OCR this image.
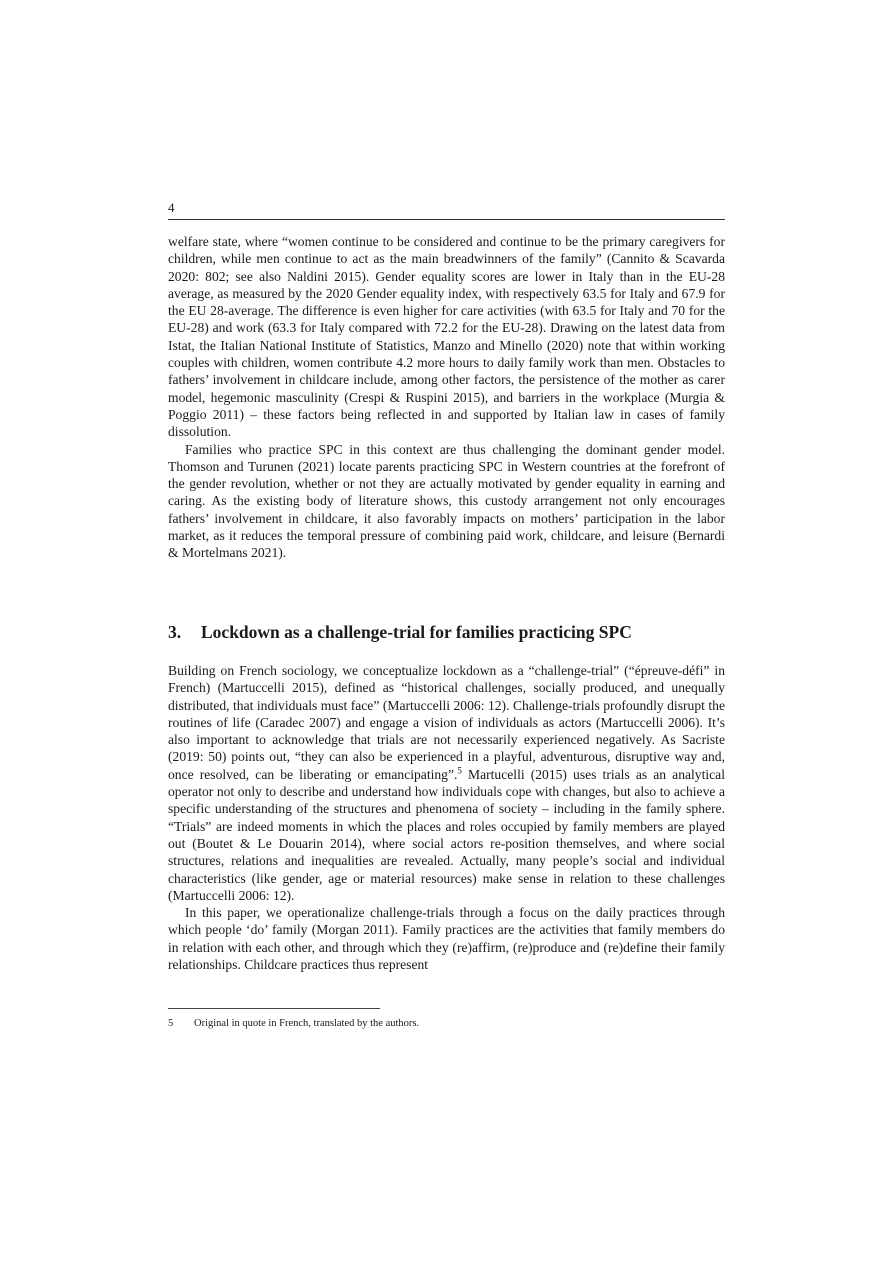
4

welfare state, where “women continue to be considered and continue to be the primary caregivers for children, while men continue to act as the main breadwinners of the family” (Cannito & Scavarda 2020: 802; see also Naldini 2015). Gender equality scores are lower in Italy than in the EU-28 average, as measured by the 2020 Gender equality index, with respectively 63.5 for Italy and 67.9 for the EU 28-average. The difference is even higher for care activities (with 63.5 for Italy and 70 for the EU-28) and work (63.3 for Italy compared with 72.2 for the EU-28). Drawing on the latest data from Istat, the Italian National Institute of Statistics, Manzo and Minello (2020) note that within working couples with children, women contribute 4.2 more hours to daily family work than men. Obstacles to fathers’ involvement in childcare include, among other factors, the persistence of the mother as carer model, hegemonic masculinity (Crespi & Ruspini 2015), and barriers in the workplace (Murgia & Poggio 2011) – these factors being reflected in and supported by Italian law in cases of family dissolution.

Families who practice SPC in this context are thus challenging the dominant gender model. Thomson and Turunen (2021) locate parents practicing SPC in Western countries at the forefront of the gender revolution, whether or not they are actually motivated by gender equality in earning and caring. As the existing body of literature shows, this custody arrangement not only encourages fathers’ involvement in childcare, it also favorably impacts on mothers’ participation in the labor market, as it reduces the temporal pressure of combining paid work, childcare, and leisure (Bernardi & Mortelmans 2021).

3.	Lockdown as a challenge-trial for families practicing SPC

Building on French sociology, we conceptualize lockdown as a “challenge-trial” (“épreuve-défi” in French) (Martuccelli 2015), defined as “historical challenges, socially produced, and unequally distributed, that individuals must face” (Martuccelli 2006: 12). Challenge-trials profoundly disrupt the routines of life (Caradec 2007) and engage a vision of individuals as actors (Martuccelli 2006). It’s also important to acknowledge that trials are not necessarily experienced negatively. As Sacriste (2019: 50) points out, “they can also be experienced in a playful, adventurous, disruptive way and, once resolved, can be liberating or emancipating”.$^5$ Martucelli (2015) uses trials as an analytical operator not only to describe and understand how individuals cope with changes, but also to achieve a specific understanding of the structures and phenomena of society – including in the family sphere. “Trials” are indeed moments in which the places and roles occupied by family members are played out (Boutet & Le Douarin 2014), where social actors re-position themselves, and where social structures, relations and inequalities are revealed. Actually, many people’s social and individual characteristics (like gender, age or material resources) make sense in relation to these challenges (Martuccelli 2006: 12).

In this paper, we operationalize challenge-trials through a focus on the daily practices through which people ‘do’ family (Morgan 2011). Family practices are the activities that family members do in relation with each other, and through which they (re)affirm, (re)produce and (re)define their family relationships. Childcare practices thus represent

5	Original in quote in French, translated by the authors.
